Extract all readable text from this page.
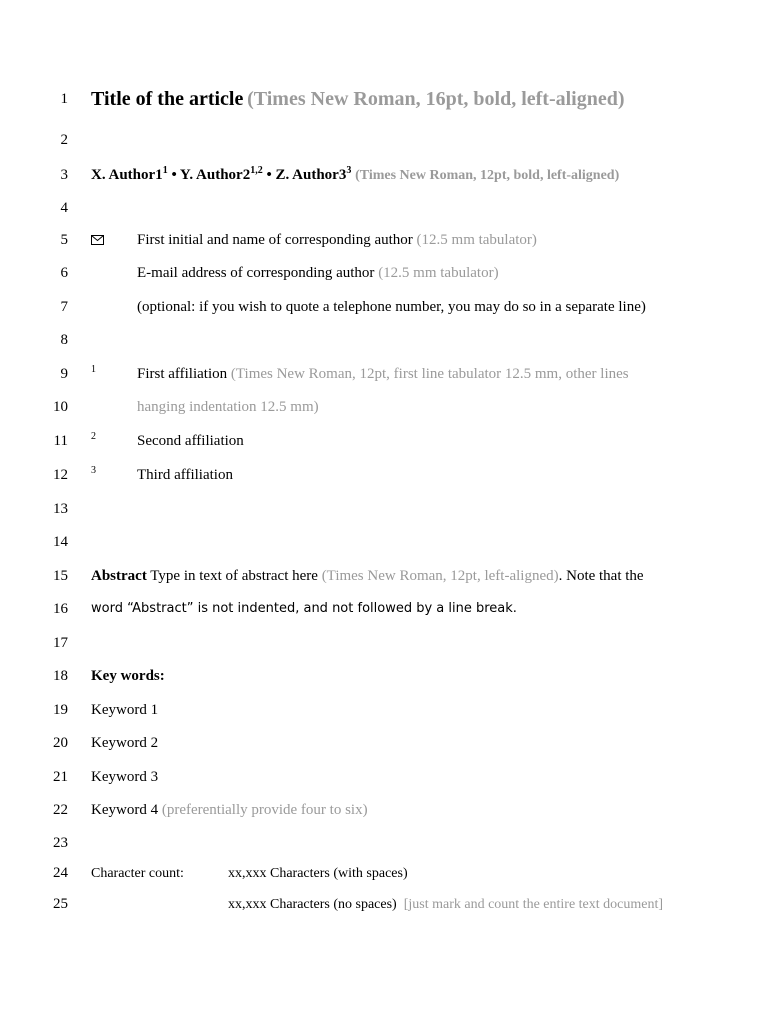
1
2
3
4
5
6
7
8
9
10
11
12
13
14
15
16
17
18
19
20
21
22
23
24
25
Title of the article (Times New Roman, 16pt, bold, left-aligned)
X. $Author1^1$ • Y. Author2$^{1,2}$ • Z. $Author3^3$ (Times New Roman, 12pt, bold, left-aligned)
First initial and name of corresponding author (12.5 mm tabulator)
E-mail address of corresponding author (12.5 mm tabulator)
(optional: if you wish to quote a telephone number, you may do so in a separate line)
$^1$	First affiliation (Times New Roman, 12pt, first line tabulator 12.5 mm, other lines
hanging indentation 12.5 mm)
$^2$	Second affiliation
$^3$	Third affiliation
Abstract Type in text of abstract here (Times New Roman, 12pt, left-aligned). Note that the
word “Abstract” is not indented, and not followed by a line break.
Key words:
Keyword 1
Keyword 2
Keyword 3
Keyword 4 (preferentially provide four to six)
Character count:	xx,xxx Characters (with spaces)
xx,xxx Characters (no spaces) [just mark and count the entire text document]
